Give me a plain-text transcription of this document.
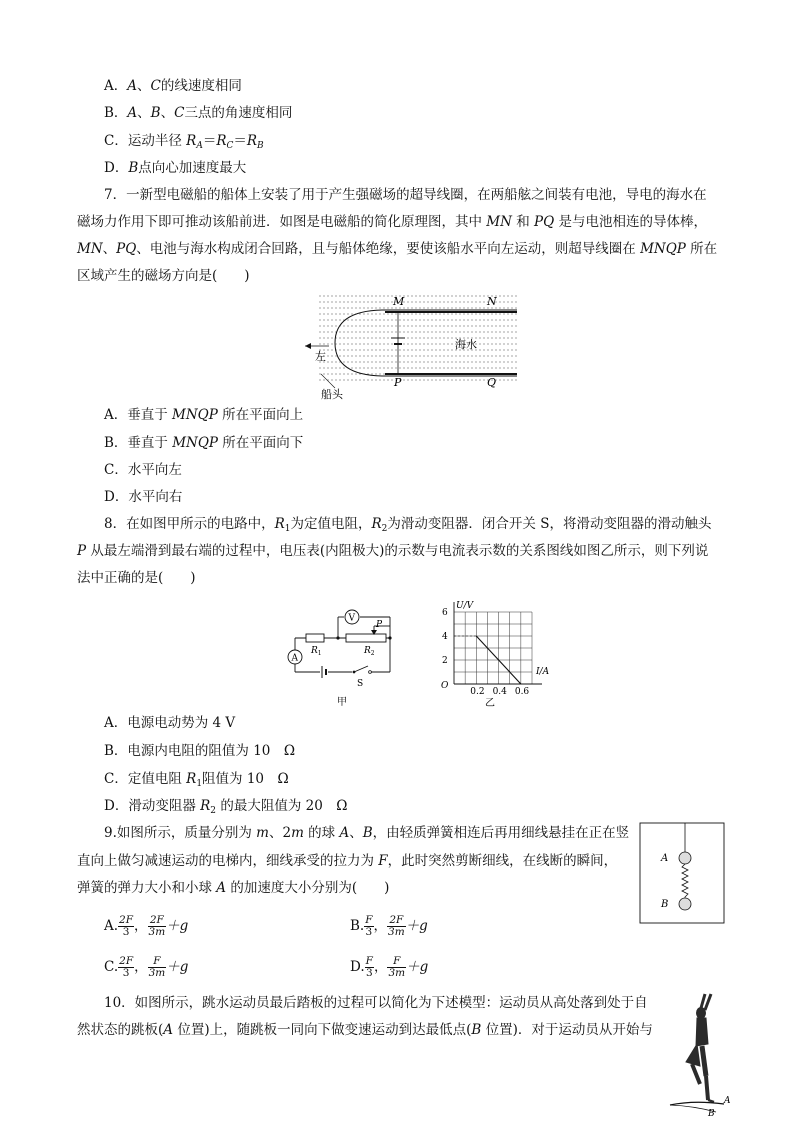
A．A、C的线速度相同
B．A、B、C三点的角速度相同
C．运动半径 $R_A=R_C=R_B$
D．B点向心加速度最大
7．一新型电磁船的船体上安装了用于产生强磁场的超导线圈，在两船舷之间装有电池，导电的海水在
磁场力作用下即可推动该船前进．如图是电磁船的简化原理图，其中 MN 和 PQ 是与电池相连的导体棒，
MN、PQ、电池与海水构成闭合回路，且与船体绝缘，要使该船水平向左运动，则超导线圈在 MNQP 所在
区域产生的磁场方向是(　　)
M	N
P	Q
左
海水
船头
A．垂直于 MNQP 所在平面向上
B．垂直于 MNQP 所在平面向下
C．水平向左
D．水平向右
8．在如图甲所示的电路中，$R_1$为定值电阻，$R_2$为滑动变阻器．闭合开关 S，将滑动变阻器的滑动触头
P 从最左端滑到最右端的过程中，电压表(内阻极大)的示数与电流表示数的关系图线如图乙所示，则下列说
法中正确的是(　　)
V
A
$R_1$	$R_2$
P
S
甲
0.2 0.4 0.6
2
4
6
U/V
I/A
O
乙
A．电源电动势为 4 V
B．电源内电阻的阻值为 10　Ω
C．定值电阻 $R_1$阻值为 10　Ω
D．滑动变阻器 $R_2$ 的最大阻值为 20　Ω
9.如图所示，质量分别为 m、2m 的球 A、B，由轻质弹簧相连后再用细线悬挂在正在竖
直向上做匀减速运动的电梯内，细线承受的拉力为 F，此时突然剪断细线，在线断的瞬间，
弹簧的弹力大小和小球 A 的加速度大小分别为(　　)
A
B
A. $\frac{2F}{3}$ ， $\frac{2F}{3m} +g$	B. $\frac{F}{3}$ ， $\frac{2F}{3m} +g$
C. $\frac{2F}{3}$ ， $\frac{F}{3m} +g$	D. $\frac{F}{3}$ ， $\frac{F}{3m} +g$
10．如图所示，跳水运动员最后踏板的过程可以简化为下述模型：运动员从高处落到处于自
然状态的跳板(A 位置)上，随跳板一同向下做变速运动到达最低点(B 位置)．对于运动员从开始与
A
B
